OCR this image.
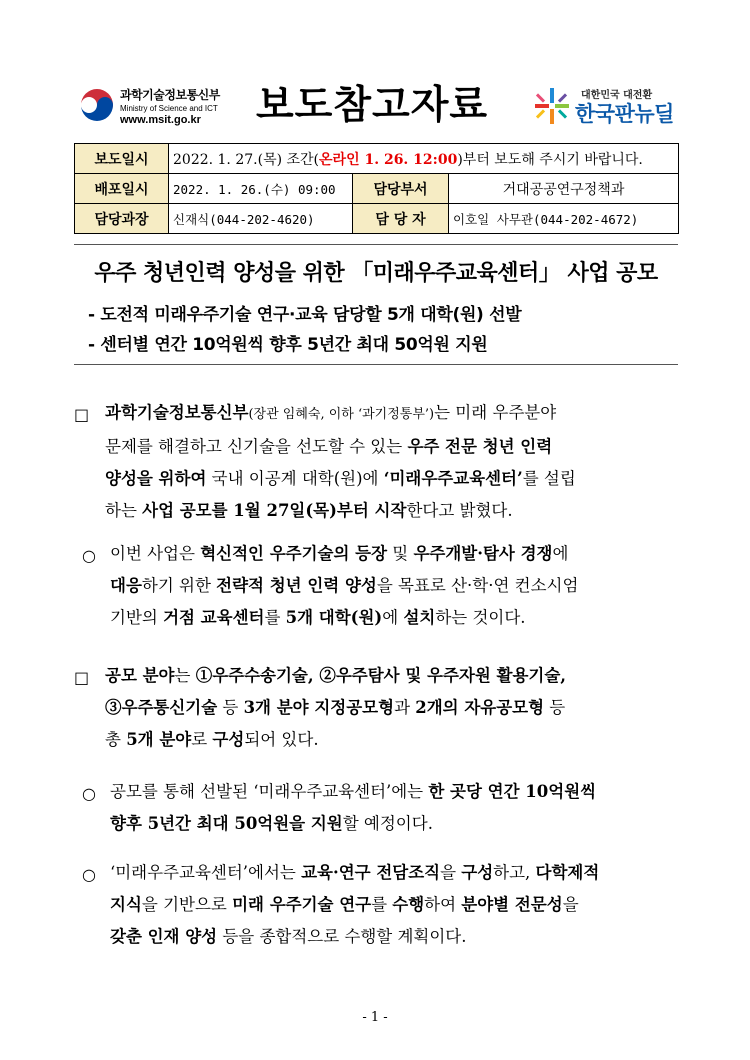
과학기술정보통신부
Ministry of Science and ICT
www.msit.go.kr	보도참고자료	대한민국 대전환
한국판뉴딜
보도일시	2022. 1. 27.(목) 조간(온라인 1. 26. 12:00)부터 보도해 주시기 바랍니다.		
배포일시	2022. 1. 26.(수) 09:00	담당부서	거대공공연구정책과
담당과장	신재식(044-202-4620)	담 당 자	이호일 사무관(044-202-4672)
우주 청년인력 양성을 위한 「미래우주교육센터」 사업 공모
- 도전적 미래우주기술 연구·교육 담당할 5개 대학(원) 선발
- 센터별 연간 10억원씩 향후 5년간 최대 50억원 지원
□ 과학기술정보통신부(장관 임혜숙, 이하 ‘과기정통부’)는 미래 우주분야
문제를 해결하고 신기술을 선도할 수 있는 우주 전문 청년 인력
양성을 위하여 국내 이공계 대학(원)에 ‘미래우주교육센터’를 설립
하는 사업 공모를 1월 27일(목)부터 시작한다고 밝혔다.
○ 이번 사업은 혁신적인 우주기술의 등장 및 우주개발·탐사 경쟁에
대응하기 위한 전략적 청년 인력 양성을 목표로 산·학·연 컨소시엄
기반의 거점 교육센터를 5개 대학(원)에 설치하는 것이다.
□ 공모 분야는 ①우주수송기술, ②우주탐사 및 우주자원 활용기술,
③우주통신기술 등 3개 분야 지정공모형과 2개의 자유공모형 등
총 5개 분야로 구성되어 있다.
○ 공모를 통해 선발된 ‘미래우주교육센터’에는 한 곳당 연간 10억원씩
향후 5년간 최대 50억원을 지원할 예정이다.
○ ‘미래우주교육센터’에서는 교육·연구 전담조직을 구성하고, 다학제적
지식을 기반으로 미래 우주기술 연구를 수행하여 분야별 전문성을
갖춘 인재 양성 등을 종합적으로 수행할 계획이다.
- 1 -
